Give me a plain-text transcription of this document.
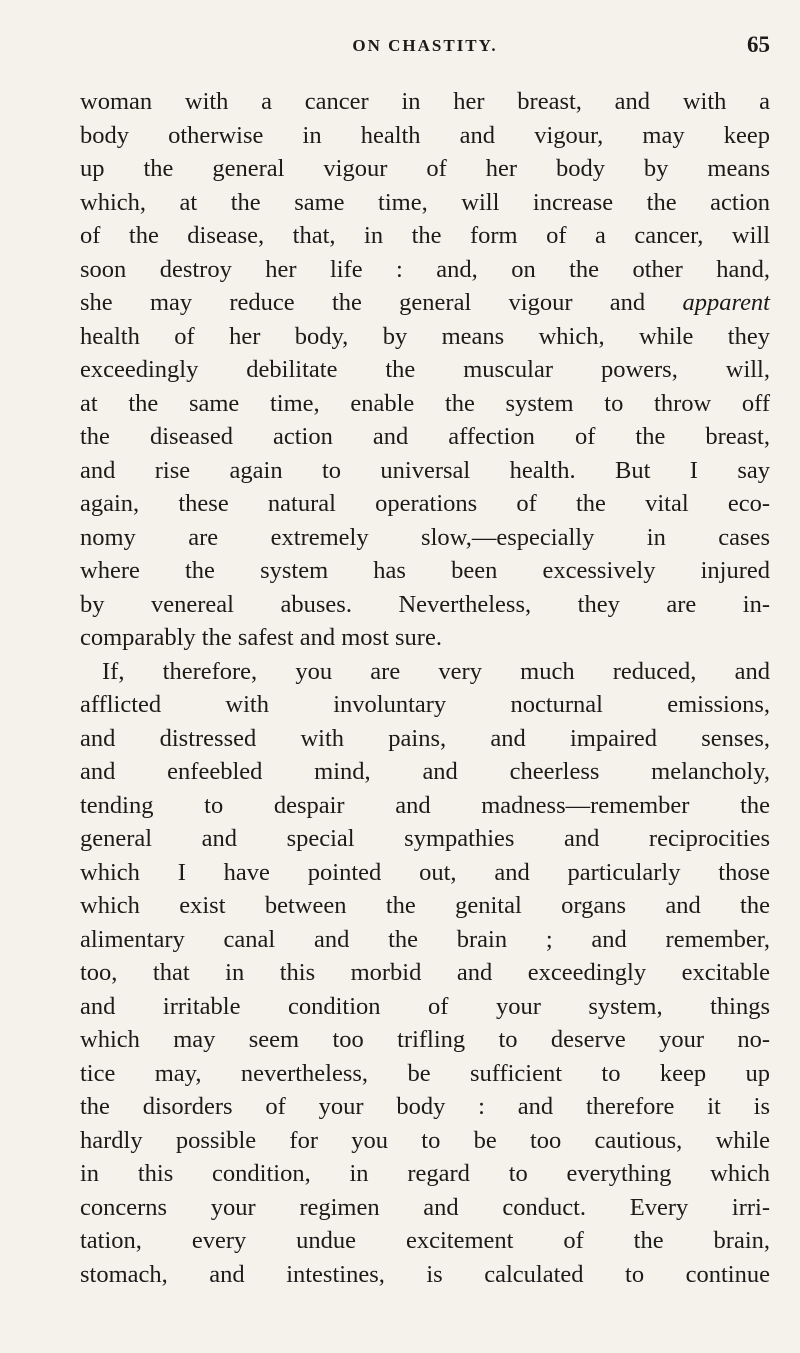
ON CHASTITY.	65
woman with a cancer in her breast, and with a
body otherwise in health and vigour, may keep
up the general vigour of her body by means
which, at the same time, will increase the action
of the disease, that, in the form of a cancer, will
soon destroy her life : and, on the other hand,
she may reduce the general vigour and apparent
health of her body, by means which, while they
exceedingly debilitate the muscular powers, will,
at the same time, enable the system to throw off
the diseased action and affection of the breast,
and rise again to universal health. But I say
again, these natural operations of the vital eco-
nomy are extremely slow,—especially in cases
where the system has been excessively injured
by venereal abuses. Nevertheless, they are in-
comparably the safest and most sure.
If, therefore, you are very much reduced, and
afflicted with involuntary nocturnal emissions,
and distressed with pains, and impaired senses,
and enfeebled mind, and cheerless melancholy,
tending to despair and madness—remember the
general and special sympathies and reciprocities
which I have pointed out, and particularly those
which exist between the genital organs and the
alimentary canal and the brain ; and remember,
too, that in this morbid and exceedingly excitable
and irritable condition of your system, things
which may seem too trifling to deserve your no-
tice may, nevertheless, be sufficient to keep up
the disorders of your body : and therefore it is
hardly possible for you to be too cautious, while
in this condition, in regard to everything which
concerns your regimen and conduct. Every irri-
tation, every undue excitement of the brain,
stomach, and intestines, is calculated to continue
